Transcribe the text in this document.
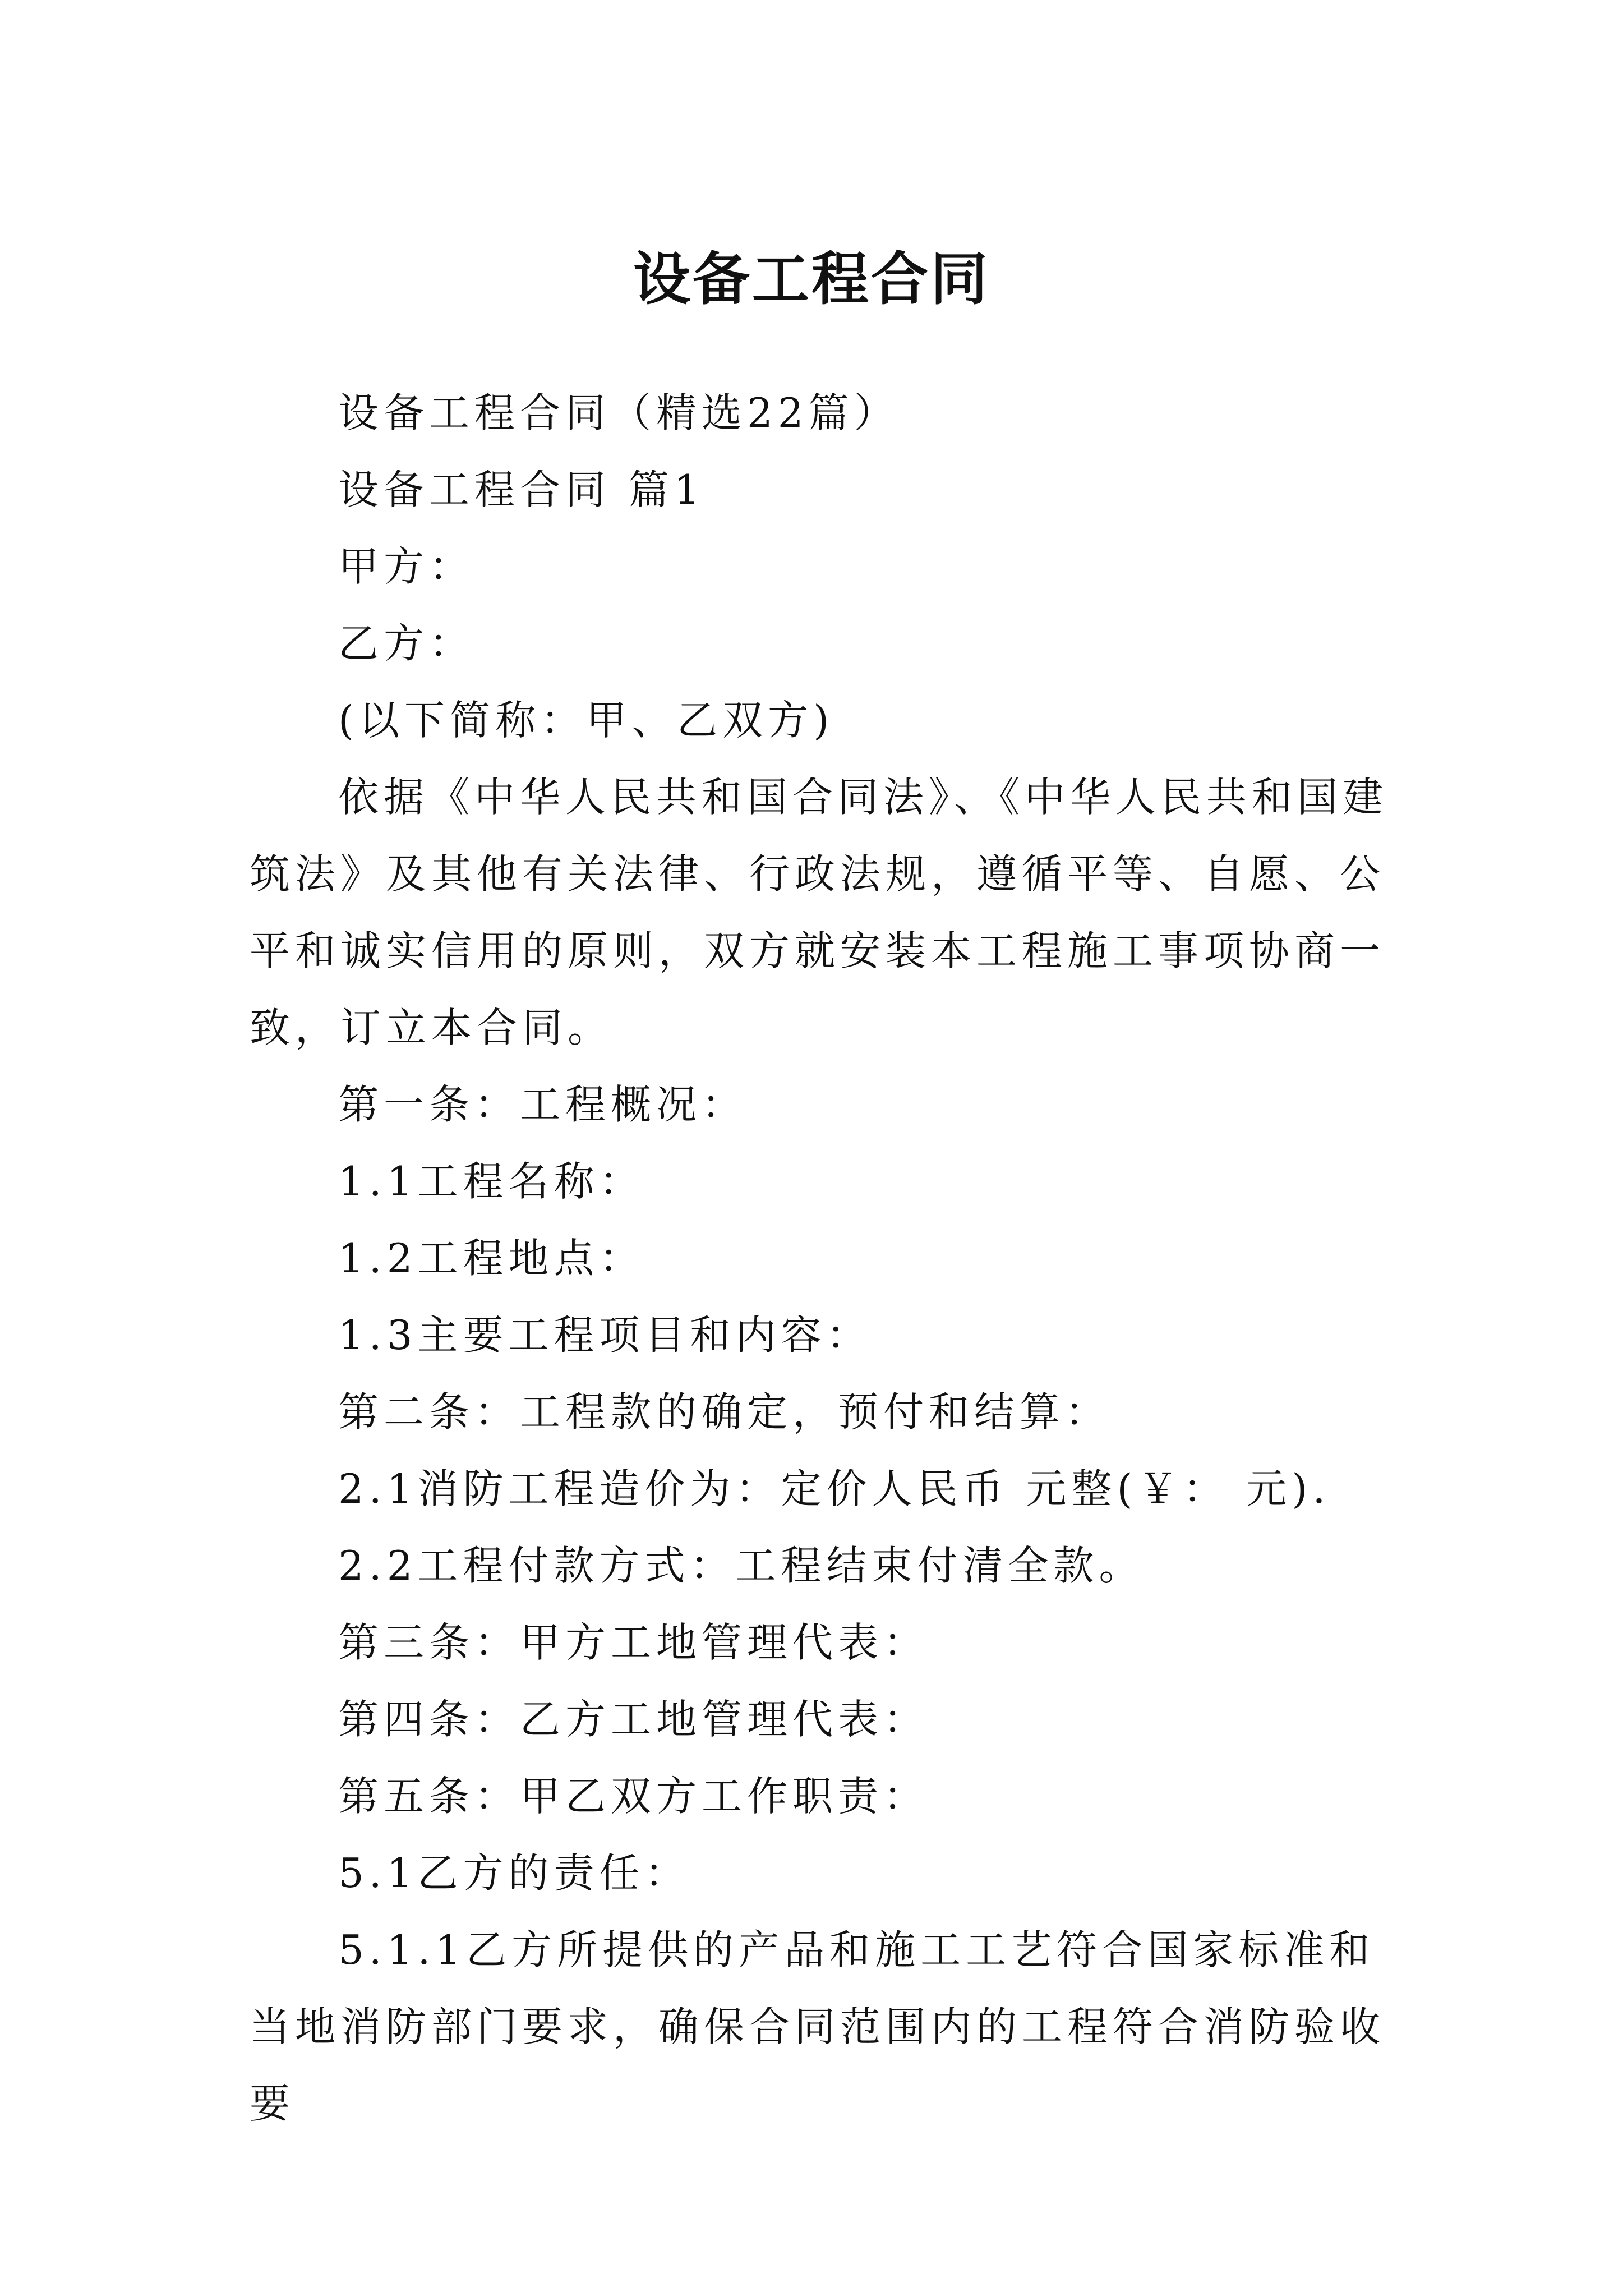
设备工程合同

设备工程合同（精选22篇）

设备工程合同 篇1

甲方：

乙方：

(以下简称：甲、乙双方)

依据《中华人民共和国合同法》、《中华人民共和国建筑法》及其他有关法律、行政法规，遵循平等、自愿、公平和诚实信用的原则，双方就安装本工程施工事项协商一致，订立本合同。

第一条：工程概况：

1.1工程名称：

1.2工程地点：

1.3主要工程项目和内容：

第二条：工程款的确定，预付和结算：

2.1消防工程造价为：定价人民币 元整(￥： 元).

2.2工程付款方式：工程结束付清全款。

第三条：甲方工地管理代表：

第四条：乙方工地管理代表：

第五条：甲乙双方工作职责：

5.1乙方的责任：

5.1.1乙方所提供的产品和施工工艺符合国家标准和当地消防部门要求，确保合同范围内的工程符合消防验收要
